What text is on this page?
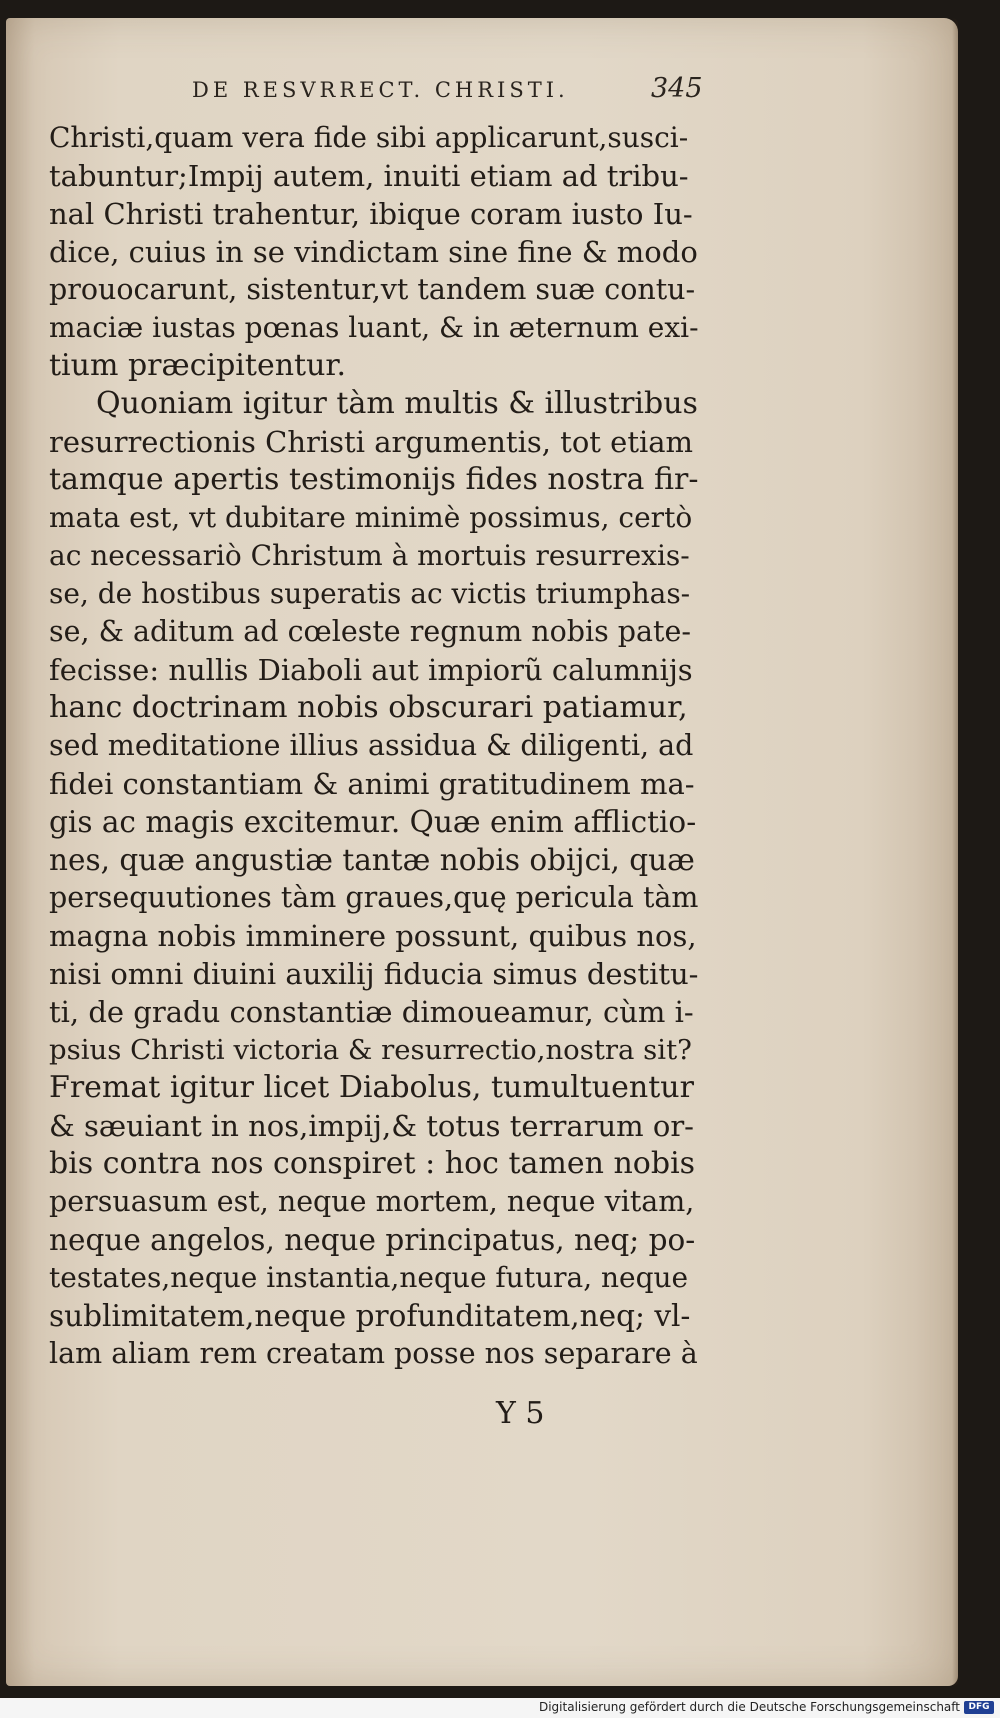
DE RESVRRECT. CHRISTI.	345
Christi,quam vera fide sibi applicarunt,susci-
tabuntur;Impij autem, inuiti etiam ad tribu-
nal Christi trahentur, ibique coram iusto Iu-
dice, cuius in se vindictam sine fine & modo
prouocarunt, sistentur,vt tandem suæ contu-
maciæ iustas pœnas luant, & in æternum exi-
tium præcipitentur.
Quoniam igitur tàm multis & illustribus
resurrectionis Christi argumentis, tot etiam
tamque apertis testimonijs fides nostra fir-
mata est, vt dubitare minimè possimus, certò
ac necessariò Christum à mortuis resurrexis-
se, de hostibus superatis ac victis triumphas-
se, & aditum ad cœleste regnum nobis pate-
fecisse: nullis Diaboli aut impiorũ calumnijs
hanc doctrinam nobis obscurari patiamur,
sed meditatione illius assidua & diligenti, ad
fidei constantiam & animi gratitudinem ma-
gis ac magis excitemur. Quæ enim afflictio-
nes, quæ angustiæ tantæ nobis obijci, quæ
persequutiones tàm graues,quę pericula tàm
magna nobis imminere possunt, quibus nos,
nisi omni diuini auxilij fiducia simus destitu-
ti, de gradu constantiæ dimoueamur, cùm i-
psius Christi victoria & resurrectio,nostra sit?
Fremat igitur licet Diabolus, tumultuentur
& sæuiant in nos,impij,& totus terrarum or-
bis contra nos conspiret : hoc tamen nobis
persuasum est, neque mortem, neque vitam,
neque angelos, neque principatus, neq; po-
testates,neque instantia,neque futura, neque
sublimitatem,neque profunditatem,neq; vl-
lam aliam rem creatam posse nos separare à
Y 5
Digitalisierung gefördert durch die Deutsche Forschungsgemeinschaft DFG
